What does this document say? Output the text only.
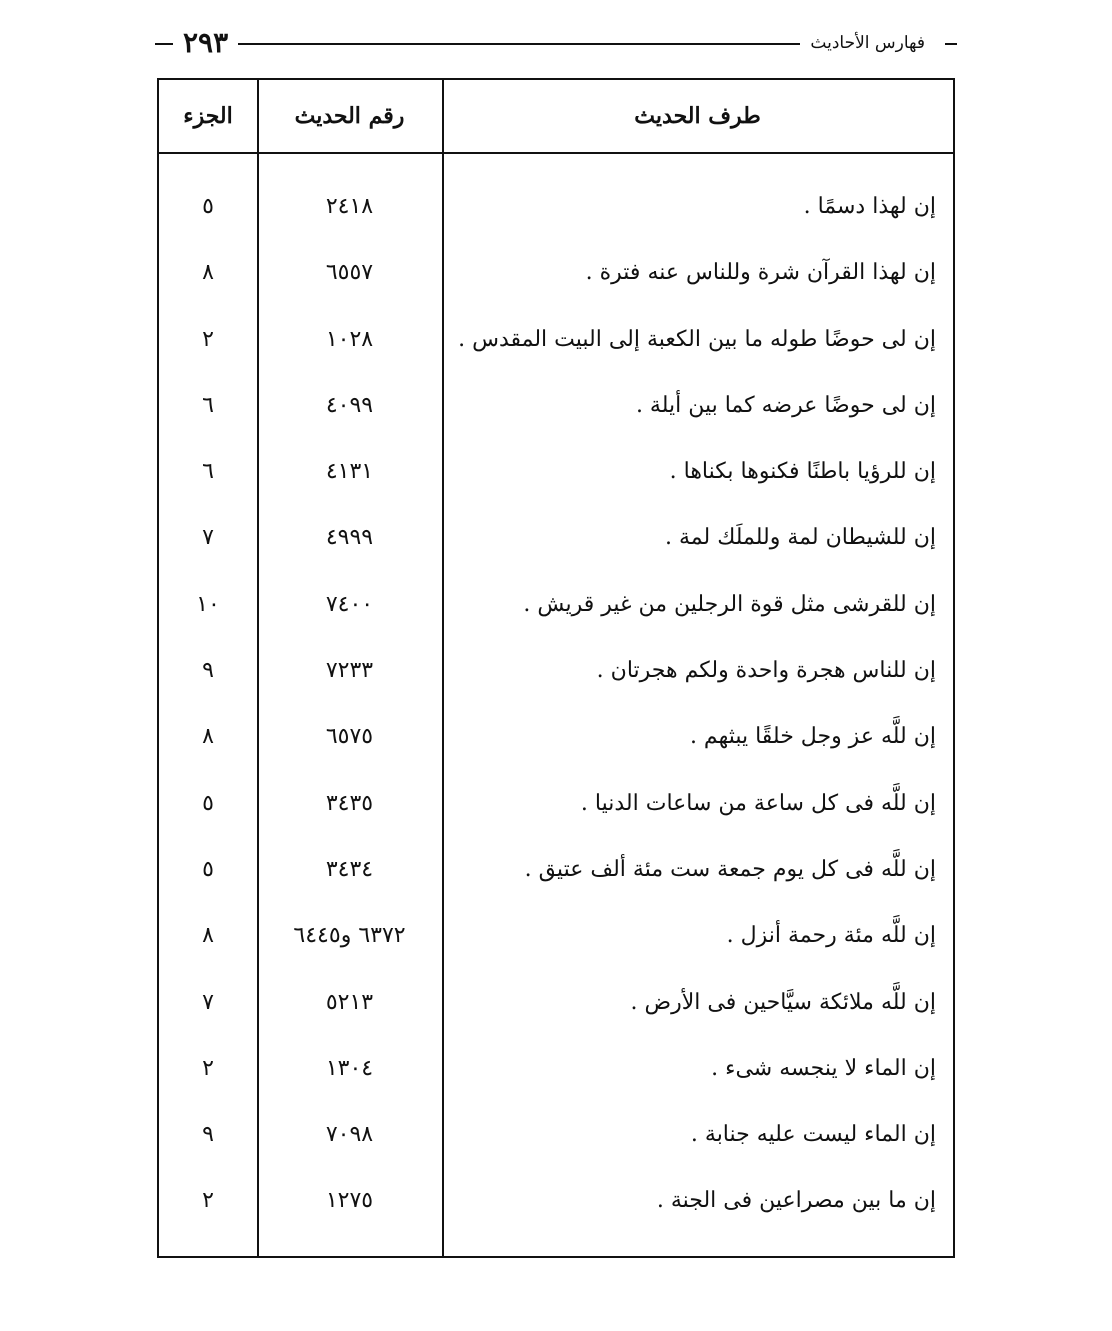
٢٩٣	فهارس الأحاديث
طرف الحديث
رقم الحديث
الجزء
إن لهذا دسمًا .
٢٤١٨
٥
إن لهذا القرآن شرة وللناس عنه فترة .
٦٥٥٧
٨
إن لى حوضًا طوله ما بين الكعبة إلى البيت المقدس .
١٠٢٨
٢
إن لى حوضًا عرضه كما بين أيلة .
٤٠٩٩
٦
إن للرؤيا باطنًا فكنوها بكناها .
٤١٣١
٦
إن للشيطان لمة وللملَك لمة .
٤٩٩٩
٧
إن للقرشى مثل قوة الرجلين من غير قريش .
٧٤٠٠
١٠
إن للناس هجرة واحدة ولكم هجرتان .
٧٢٣٣
٩
إن للَّه عز وجل خلقًا يبثهم .
٦٥٧٥
٨
إن للَّه فى كل ساعة من ساعات الدنيا .
٣٤٣٥
٥
إن للَّه فى كل يوم جمعة ست مئة ألف عتيق .
٣٤٣٤
٥
إن للَّه مئة رحمة أنزل .
٦٣٧٢ و٦٤٤٥
٨
إن للَّه ملائكة سيَّاحين فى الأرض .
٥٢١٣
٧
إن الماء لا ينجسه شىء .
١٣٠٤
٢
إن الماء ليست عليه جنابة .
٧٠٩٨
٩
إن ما بين مصراعين فى الجنة .
١٢٧٥
٢
